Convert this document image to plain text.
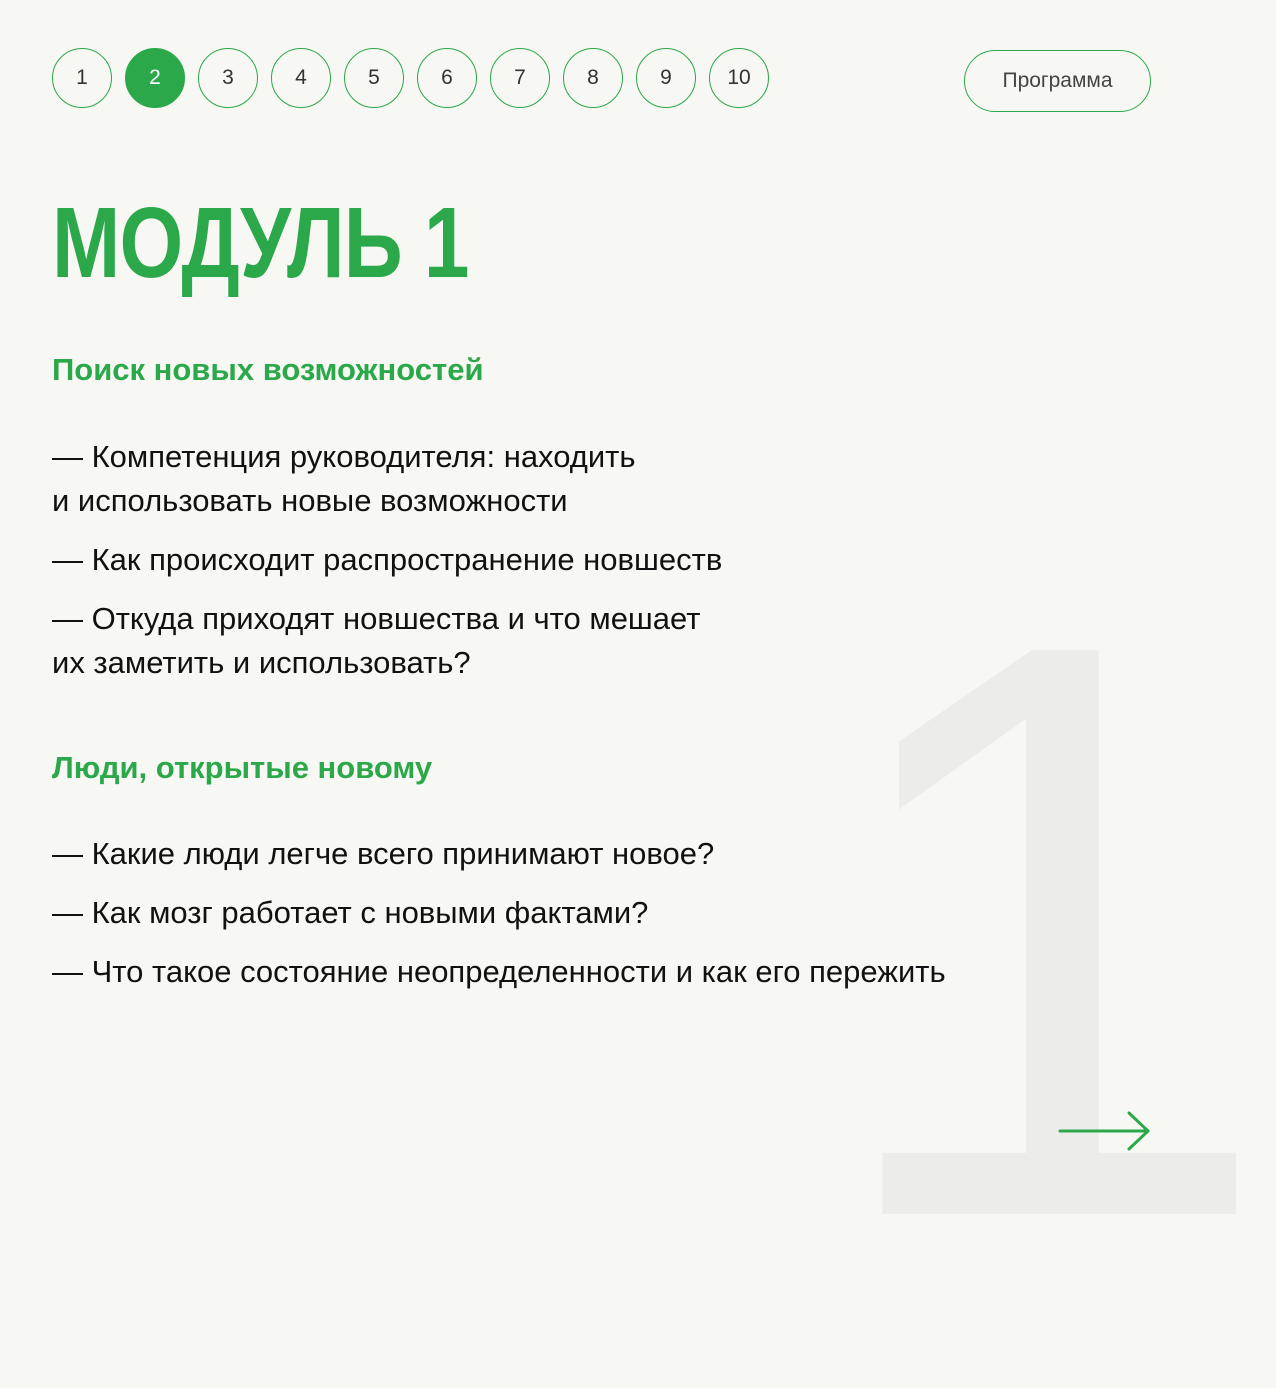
1
1	2	3	4	5	6	7	8	9	10	Программа
МОДУЛЬ 1
Поиск новых возможностей
— Компетенция руководителя: находить
и использовать новые возможности
— Как происходит распространение новшеств
— Откуда приходят новшества и что мешает
их заметить и использовать?
Люди, открытые новому
— Какие люди легче всего принимают новое?
— Как мозг работает с новыми фактами?
— Что такое состояние неопределенности и как его пережить
